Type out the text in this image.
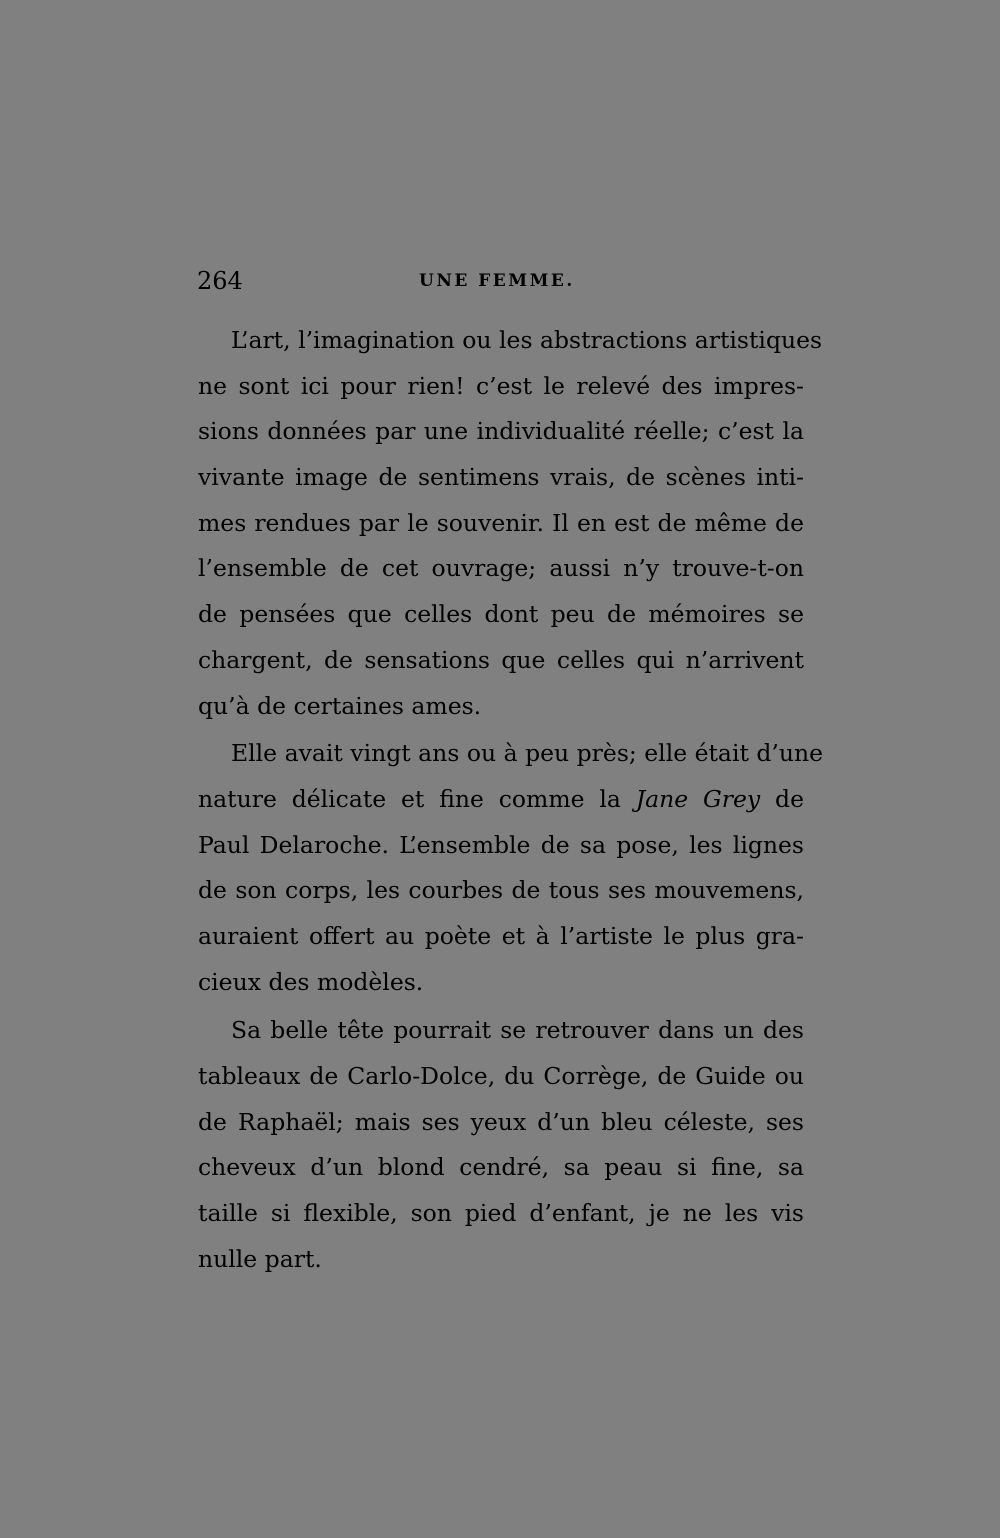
264	UNE FEMME.
L’art, l’imagination ou les abstractions artistiques
ne sont ici pour rien! c’est le relevé des impres-
sions données par une individualité réelle; c’est la
vivante image de sentimens vrais, de scènes inti-
mes rendues par le souvenir. Il en est de même de
l’ensemble de cet ouvrage; aussi n’y trouve-t-on
de pensées que celles dont peu de mémoires se
chargent, de sensations que celles qui n’arrivent
qu’à de certaines ames.
Elle avait vingt ans ou à peu près; elle était d’une
nature délicate et fine comme la Jane Grey de
Paul Delaroche. L’ensemble de sa pose, les lignes
de son corps, les courbes de tous ses mouvemens,
auraient offert au poète et à l’artiste le plus gra-
cieux des modèles.
Sa belle tête pourrait se retrouver dans un des
tableaux de Carlo-Dolce, du Corrège, de Guide ou
de Raphaël; mais ses yeux d’un bleu céleste, ses
cheveux d’un blond cendré, sa peau si fine, sa
taille si flexible, son pied d’enfant, je ne les vis
nulle part.
